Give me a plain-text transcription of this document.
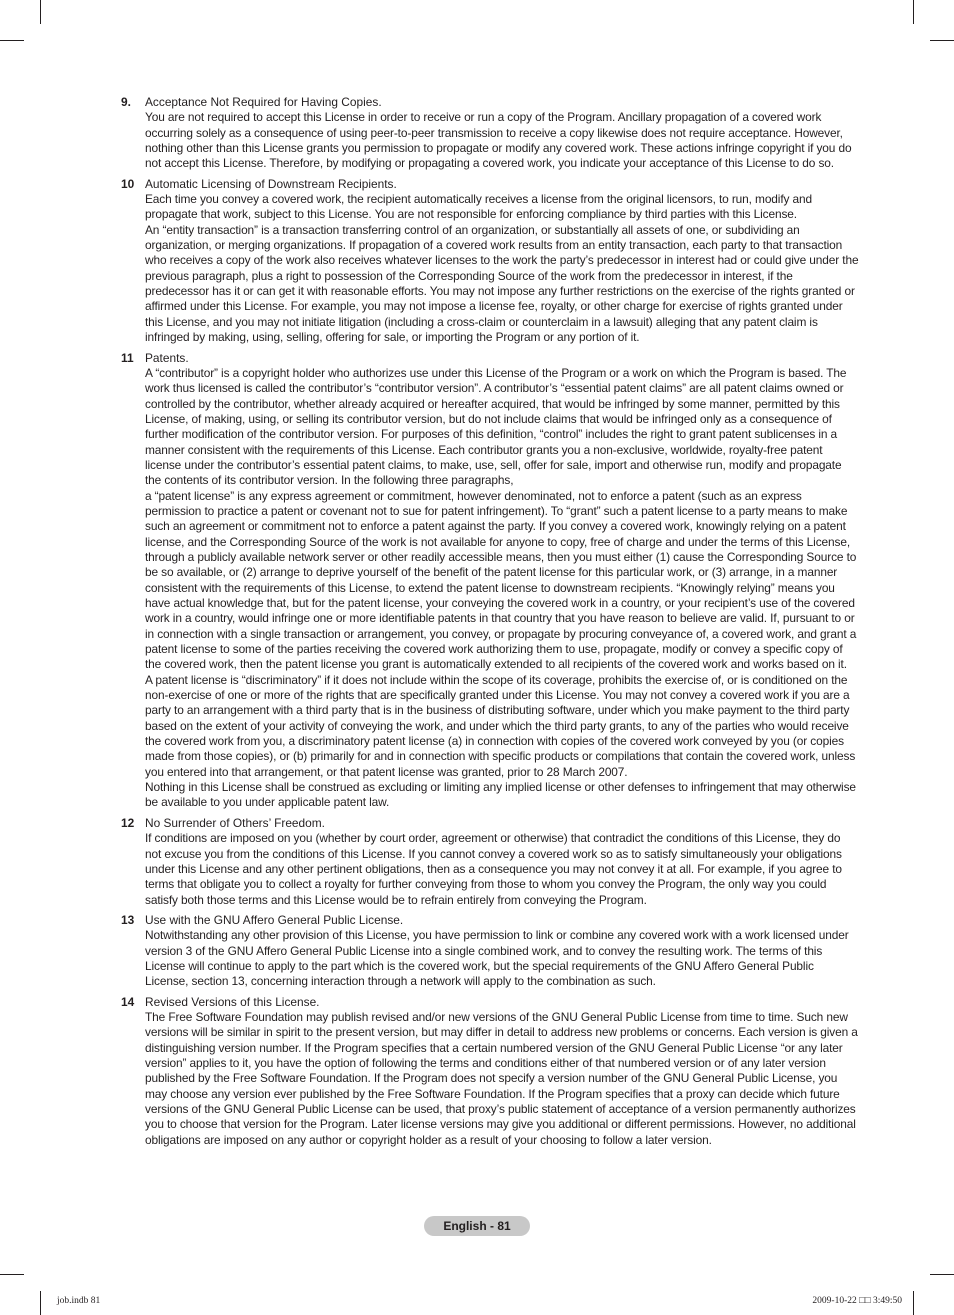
9. Acceptance Not Required for Having Copies.

You are not required to accept this License in order to receive or run a copy of the Program. Ancillary propagation of a covered work occurring solely as a consequence of using peer-to-peer transmission to receive a copy likewise does not require acceptance. However, nothing other than this License grants you permission to propagate or modify any covered work. These actions infringe copyright if you do not accept this License. Therefore, by modifying or propagating a covered work, you indicate your acceptance of this License to do so.

10 Automatic Licensing of Downstream Recipients.

Each time you convey a covered work, the recipient automatically receives a license from the original licensors, to run, modify and propagate that work, subject to this License. You are not responsible for enforcing compliance by third parties with this License.

An “entity transaction” is a transaction transferring control of an organization, or substantially all assets of one, or subdividing an organization, or merging organizations. If propagation of a covered work results from an entity transaction, each party to that transaction who receives a copy of the work also receives whatever licenses to the work the party’s predecessor in interest had or could give under the previous paragraph, plus a right to possession of the Corresponding Source of the work from the predecessor in interest, if the predecessor has it or can get it with reasonable efforts. You may not impose any further restrictions on the exercise of the rights granted or affirmed under this License. For example, you may not impose a license fee, royalty, or other charge for exercise of rights granted under this License, and you may not initiate litigation (including a cross-claim or counterclaim in a lawsuit) alleging that any patent claim is infringed by making, using, selling, offering for sale, or importing the Program or any portion of it.

11 Patents.

A “contributor” is a copyright holder who authorizes use under this License of the Program or a work on which the Program is based. The work thus licensed is called the contributor’s “contributor version”. A contributor’s “essential patent claims” are all patent claims owned or controlled by the contributor, whether already acquired or hereafter acquired, that would be infringed by some manner, permitted by this License, of making, using, or selling its contributor version, but do not include claims that would be infringed only as a consequence of further modification of the contributor version. For purposes of this definition, “control” includes the right to grant patent sublicenses in a manner consistent with the requirements of this License. Each contributor grants you a non-exclusive, worldwide, royalty-free patent license under the contributor’s essential patent claims, to make, use, sell, offer for sale, import and otherwise run, modify and propagate the contents of its contributor version. In the following three paragraphs,

a “patent license” is any express agreement or commitment, however denominated, not to enforce a patent (such as an express permission to practice a patent or covenant not to sue for patent infringement). To “grant” such a patent license to a party means to make such an agreement or commitment not to enforce a patent against the party. If you convey a covered work, knowingly relying on a patent license, and the Corresponding Source of the work is not available for anyone to copy, free of charge and under the terms of this License, through a publicly available network server or other readily accessible means, then you must either (1) cause the Corresponding Source to be so available, or (2) arrange to deprive yourself of the benefit of the patent license for this particular work, or (3) arrange, in a manner consistent with the requirements of this License, to extend the patent license to downstream recipients. “Knowingly relying” means you have actual knowledge that, but for the patent license, your conveying the covered work in a country, or your recipient’s use of the covered work in a country, would infringe one or more identifiable patents in that country that you have reason to believe are valid. If, pursuant to or in connection with a single transaction or arrangement, you convey, or propagate by procuring conveyance of, a covered work, and grant a patent license to some of the parties receiving the covered work authorizing them to use, propagate, modify or convey a specific copy of the covered work, then the patent license you grant is automatically extended to all recipients of the covered work and works based on it.

A patent license is “discriminatory” if it does not include within the scope of its coverage, prohibits the exercise of, or is conditioned on the non-exercise of one or more of the rights that are specifically granted under this License. You may not convey a covered work if you are a party to an arrangement with a third party that is in the business of distributing software, under which you make payment to the third party based on the extent of your activity of conveying the work, and under which the third party grants, to any of the parties who would receive the covered work from you, a discriminatory patent license (a) in connection with copies of the covered work conveyed by you (or copies made from those copies), or (b) primarily for and in connection with specific products or compilations that contain the covered work, unless you entered into that arrangement, or that patent license was granted, prior to 28 March 2007.

Nothing in this License shall be construed as excluding or limiting any implied license or other defenses to infringement that may otherwise be available to you under applicable patent law.

12 No Surrender of Others’ Freedom.

If conditions are imposed on you (whether by court order, agreement or otherwise) that contradict the conditions of this License, they do not excuse you from the conditions of this License. If you cannot convey a covered work so as to satisfy simultaneously your obligations under this License and any other pertinent obligations, then as a consequence you may not convey it at all. For example, if you agree to terms that obligate you to collect a royalty for further conveying from those to whom you convey the Program, the only way you could satisfy both those terms and this License would be to refrain entirely from conveying the Program.

13 Use with the GNU Affero General Public License.

Notwithstanding any other provision of this License, you have permission to link or combine any covered work with a work licensed under version 3 of the GNU Affero General Public License into a single combined work, and to convey the resulting work. The terms of this License will continue to apply to the part which is the covered work, but the special requirements of the GNU Affero General Public License, section 13, concerning interaction through a network will apply to the combination as such.

14 Revised Versions of this License.

The Free Software Foundation may publish revised and/or new versions of the GNU General Public License from time to time. Such new versions will be similar in spirit to the present version, but may differ in detail to address new problems or concerns. Each version is given a distinguishing version number. If the Program specifies that a certain numbered version of the GNU General Public License “or any later version” applies to it, you have the option of following the terms and conditions either of that numbered version or of any later version published by the Free Software Foundation. If the Program does not specify a version number of the GNU General Public License, you may choose any version ever published by the Free Software Foundation. If the Program specifies that a proxy can decide which future versions of the GNU General Public License can be used, that proxy’s public statement of acceptance of a version permanently authorizes you to choose that version for the Program. Later license versions may give you additional or different permissions. However, no additional obligations are imposed on any author or copyright holder as a result of your choosing to follow a later version.

English - 81
job.indb 81	2009-10-22 □□ 3:49:50
